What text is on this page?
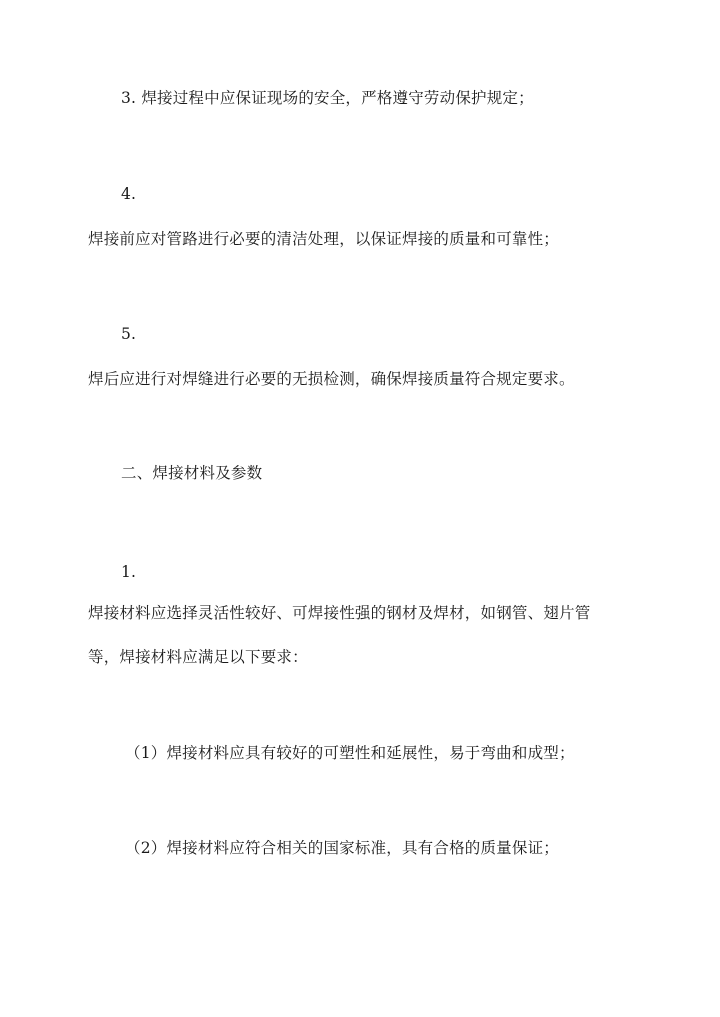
3. 焊接过程中应保证现场的安全，严格遵守劳动保护规定；
4.
焊接前应对管路进行必要的清洁处理，以保证焊接的质量和可靠性；
5.
焊后应进行对焊缝进行必要的无损检测，确保焊接质量符合规定要求。
二、焊接材料及参数
1.
焊接材料应选择灵活性较好、可焊接性强的钢材及焊材，如钢管、翅片管
等，焊接材料应满足以下要求：
（1）焊接材料应具有较好的可塑性和延展性，易于弯曲和成型；
（2）焊接材料应符合相关的国家标准，具有合格的质量保证；
